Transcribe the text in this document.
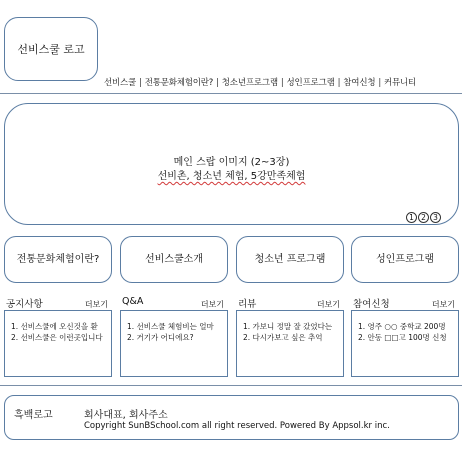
선비스쿨 로고
선비스쿨 | 전통문화체험이란? | 청소년프로그램 | 성인프로그램 | 참여신청 | 커뮤니티
메인 스랍 이미지 (2~3장)
선비촌, 청소년 체험, 5강만족체험
1 2 3
전통문화체험이란?	선비스쿨소개	청소년 프로그램	성인프로그램
공지사항	더보기
1. 선비스쿨에 오신것을 환
2. 선비스쿨은 이런곳입니다
Q&A	더보기
1. 선비스쿨 체험비는 얼마
2. 거기가 어디에요?
리뷰	더보기
1. 가보니 정말 잘 갔었다는
2. 다시가보고 싶은 추억
참여신청	더보기
1. 영주 ○○ 중학교 200명
2. 안동 □□고 100명 신청
흑백로고	회사대표, 회사주소
Copyright SunBSchool.com all right reserved. Powered By Appsol.kr inc.
